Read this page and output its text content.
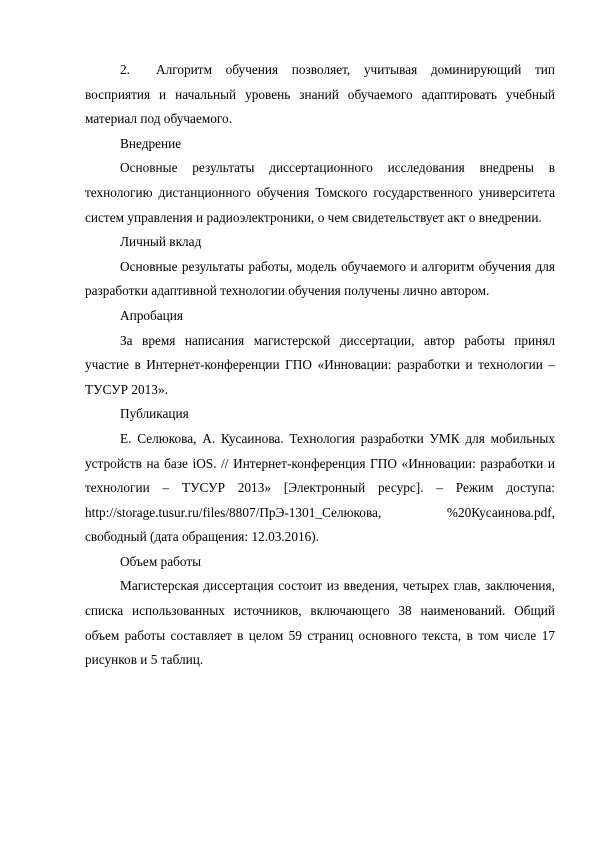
2. Алгоритм обучения позволяет, учитывая доминирующий тип восприятия и начальный уровень знаний обучаемого адаптировать учебный материал под обучаемого.

Внедрение

Основные результаты диссертационного исследования внедрены в технологию дистанционного обучения Томского государственного университета систем управления и радиоэлектроники, о чем свидетельствует акт о внедрении.

Личный вклад

Основные результаты работы, модель обучаемого и алгоритм обучения для разработки адаптивной технологии обучения получены лично автором.

Апробация

За время написания магистерской диссертации, автор работы принял участие в Интернет-конференции ГПО «Инновации: разработки и технологии – ТУСУР 2013».

Публикация

Е. Селюкова, А. Кусаинова. Технология разработки УМК для мобильных устройств на базе iOS. // Интернет-конференция ГПО «Инновации: разработки и технологии – ТУСУР 2013» [Электронный ресурс]. – Режим доступа: http://storage.tusur.ru/files/8807/ПрЭ-1301_Селюкова, %20Кусаинова.pdf, свободный (дата обращения: 12.03.2016).

Объем работы

Магистерская диссертация состоит из введения, четырех глав, заключения, списка использованных источников, включающего 38 наименований. Общий объем работы составляет в целом 59 страниц основного текста, в том числе 17 рисунков и 5 таблиц.
